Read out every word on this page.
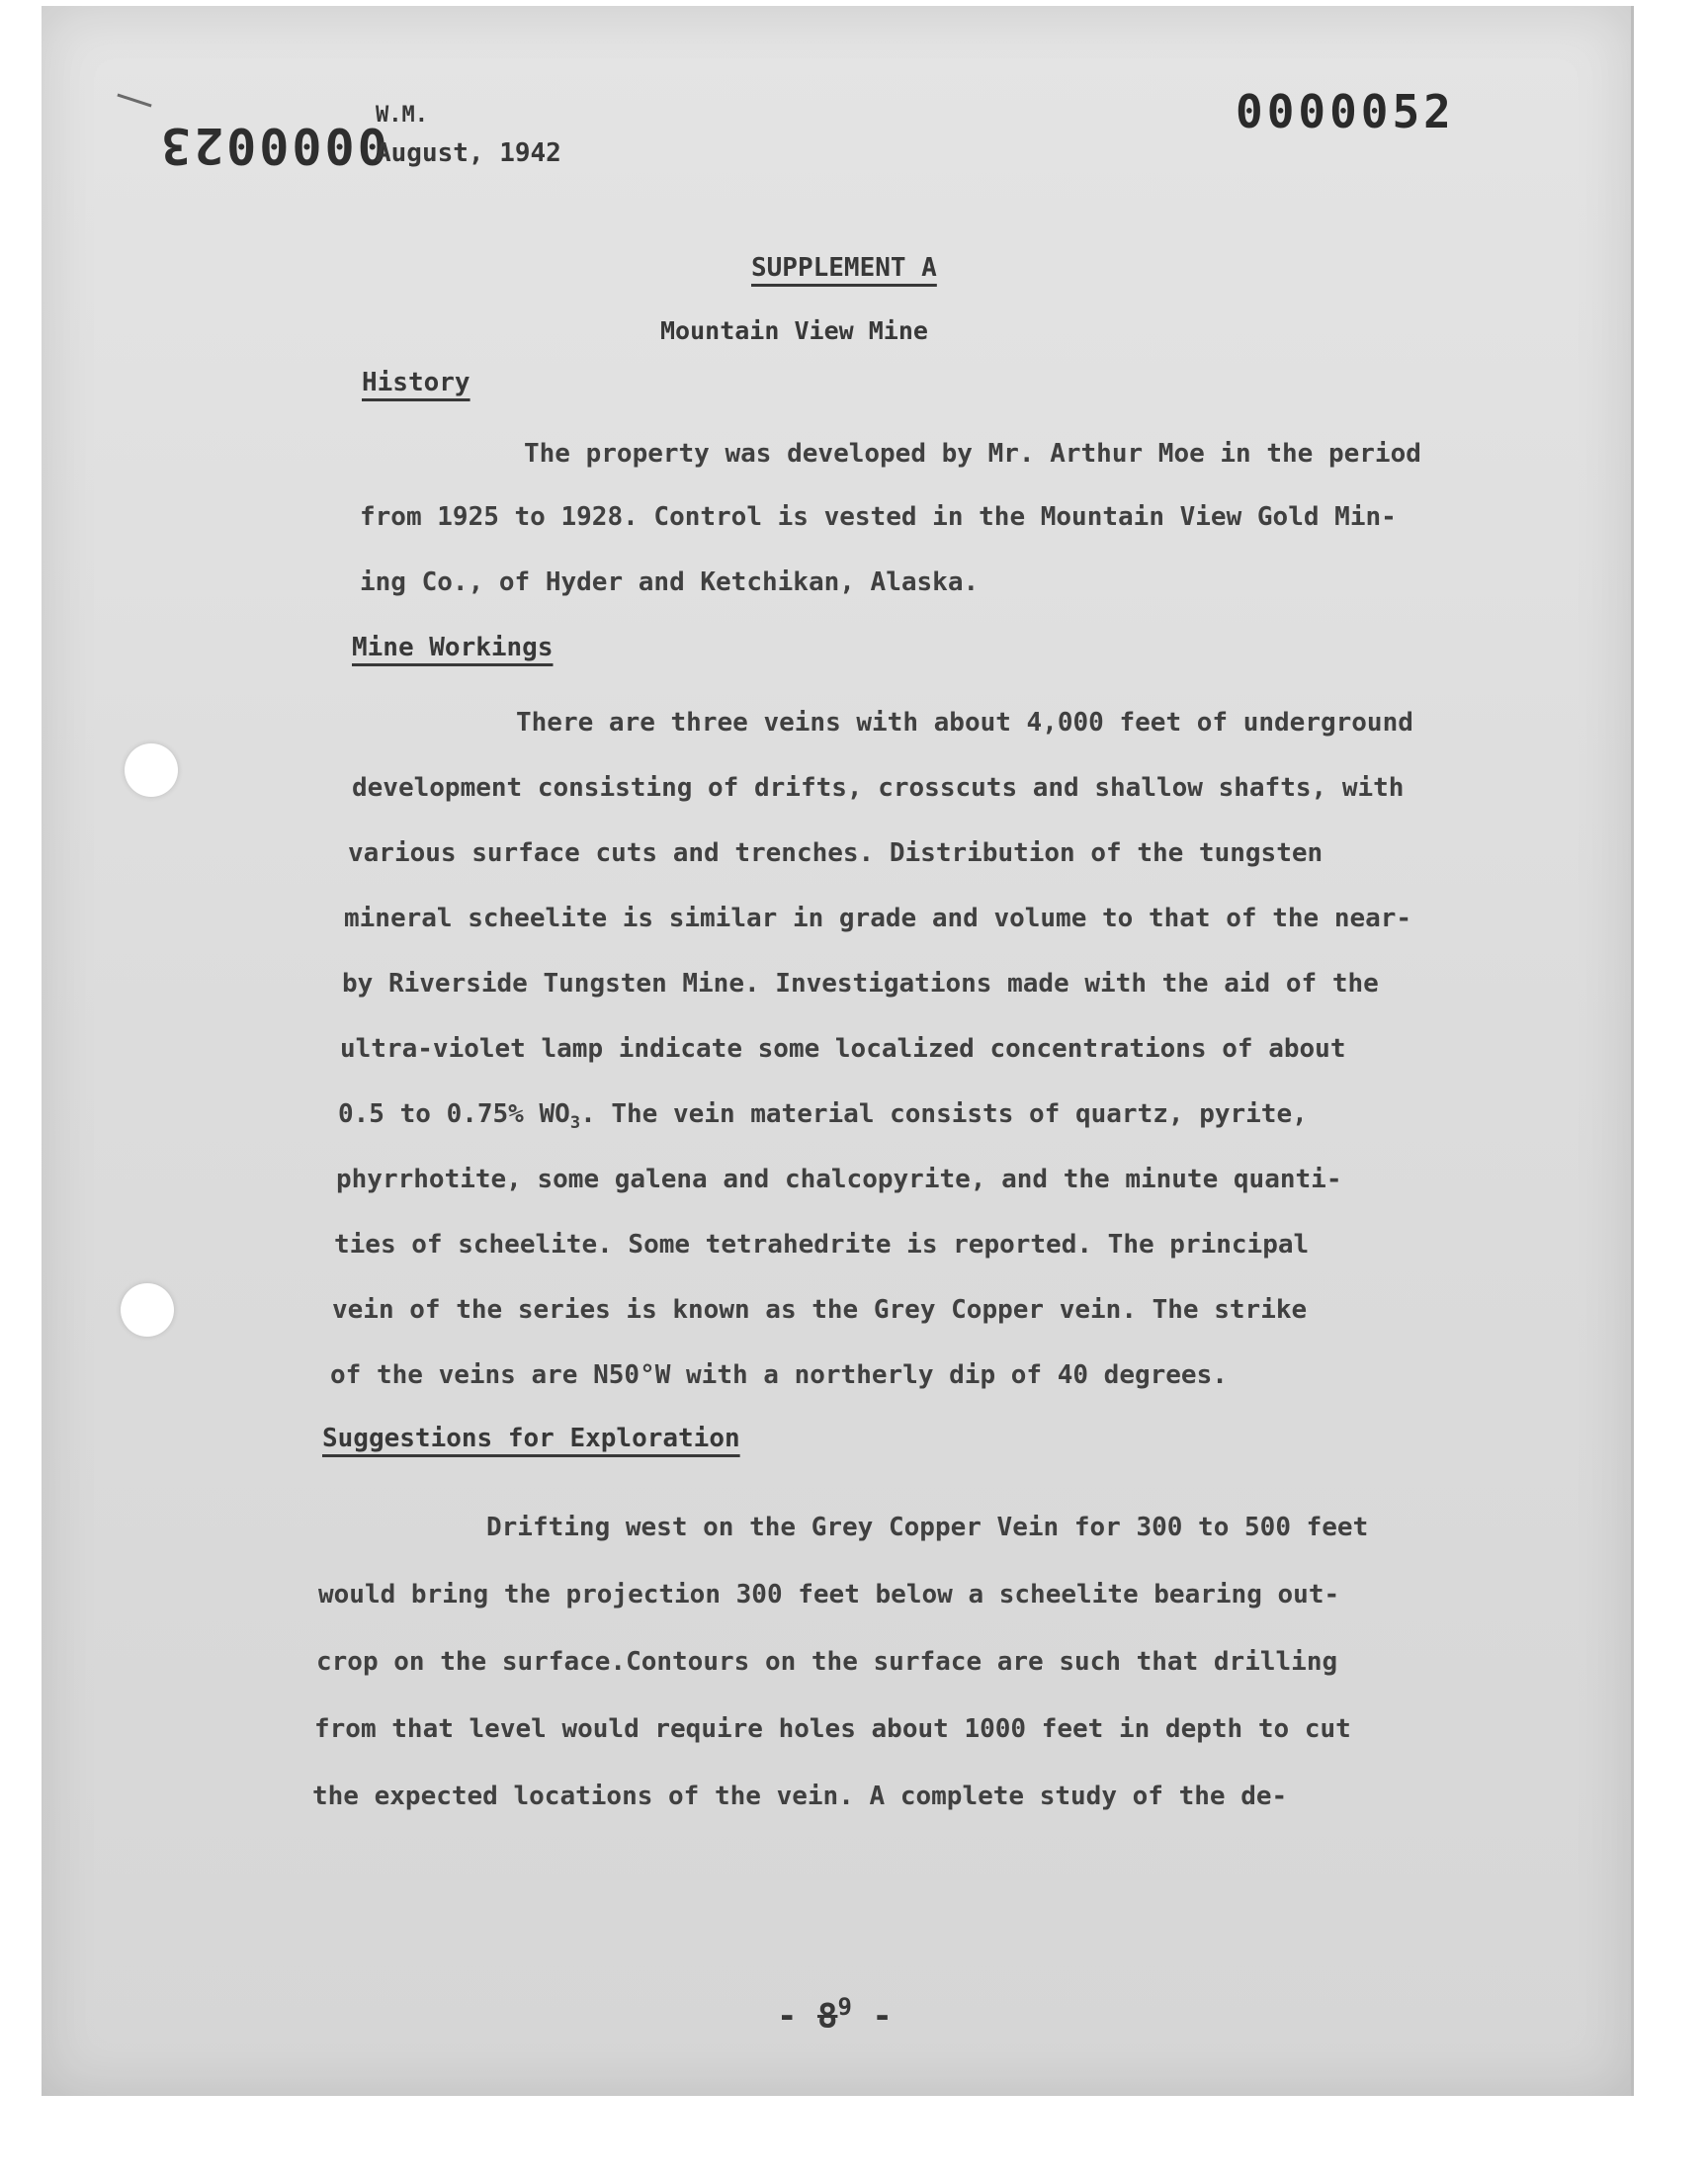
0000023
W.M.
August, 1942
0000052
SUPPLEMENT A
Mountain View Mine
History
The property was developed by Mr. Arthur Moe in the period
from 1925 to 1928. Control is vested in the Mountain View Gold Min-
ing Co., of Hyder and Ketchikan, Alaska.
Mine Workings
There are three veins with about 4,000 feet of underground
development consisting of drifts, crosscuts and shallow shafts, with
various surface cuts and trenches. Distribution of the tungsten
mineral scheelite is similar in grade and volume to that of the near-
by Riverside Tungsten Mine. Investigations made with the aid of the
ultra-violet lamp indicate some localized concentrations of about
0.5 to 0.75% $WO_3$. The vein material consists of quartz, pyrite,
phyrrhotite, some galena and chalcopyrite, and the minute quanti-
ties of scheelite. Some tetrahedrite is reported. The principal
vein of the series is known as the Grey Copper vein. The strike
of the veins are N50°W with a northerly dip of 40 degrees.
Suggestions for Exploration
Drifting west on the Grey Copper Vein for 300 to 500 feet
would bring the projection 300 feet below a scheelite bearing out-
crop on the surface.Contours on the surface are such that drilling
from that level would require holes about 1000 feet in depth to cut
the expected locations of the vein. A complete study of the de-
- $8^9$ -
